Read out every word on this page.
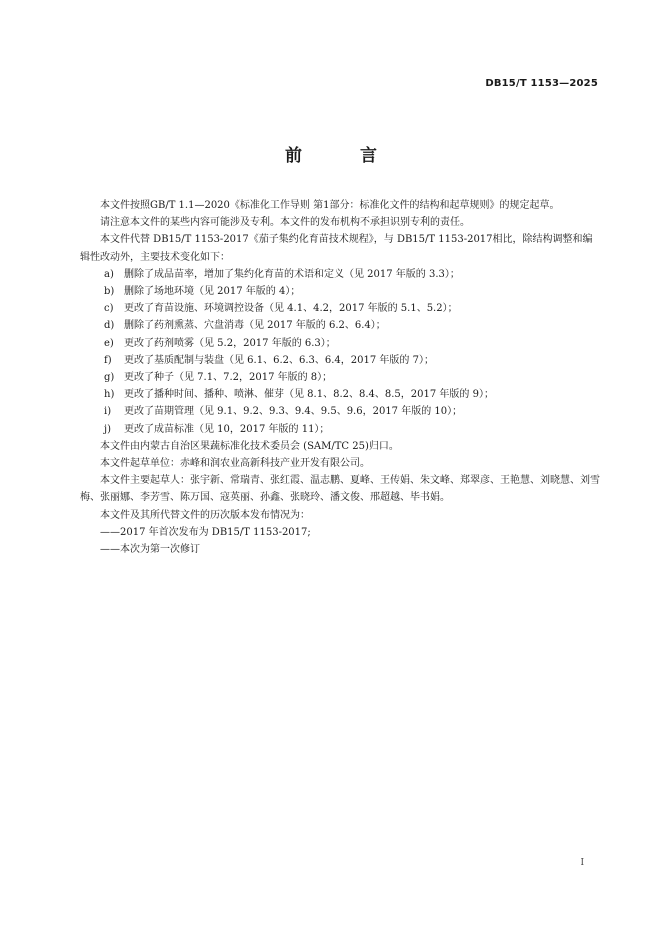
DB15/T 1153—2025
前 言

本文件按照GB/T 1.1—2020《标准化工作导则 第1部分：标准化文件的结构和起草规则》的规定起草。

请注意本文件的某些内容可能涉及专利。本文件的发布机构不承担识别专利的责任。

本文件代替 DB15/T 1153-2017《茄子集约化育苗技术规程》，与 DB15/T 1153-2017相比，除结构调整和编辑性改动外，主要技术变化如下：

a)	删除了成品苗率，增加了集约化育苗的术语和定义（见 2017 年版的 3.3）；
b) 删除了场地环境（见 2017 年版的 4）；
c)	更改了育苗设施、环境调控设备（见 4.1、4.2，2017 年版的 5.1、5.2）；
d) 删除了药剂熏蒸、穴盘消毒（见 2017 年版的 6.2、6.4）；
e)	更改了药剂喷雾（见 5.2，2017 年版的 6.3）；
f)	更改了基质配制与装盘（见 6.1、6.2、6.3、6.4，2017 年版的 7）；
g) 更改了种子（见 7.1、7.2，2017 年版的 8）；
h) 更改了播种时间、播种、喷淋、催芽（见 8.1、8.2、8.4、8.5，2017 年版的 9）；
i)	更改了苗期管理（见 9.1、9.2、9.3、9.4、9.5、9.6，2017 年版的 10）；
j)	更改了成苗标准（见 10，2017 年版的 11）；

本文件由内蒙古自治区果蔬标准化技术委员会 (SAM/TC 25)归口。

本文件起草单位：赤峰和润农业高新科技产业开发有限公司。

本文件主要起草人：张宇新、常瑞青、张红霞、温志鹏、夏峰、王传娟、朱文峰、郑翠彦、王艳慧、刘晓慧、刘雪梅、张丽娜、李芳雪、陈万国、寇英丽、孙鑫、张晓玲、潘文俊、邢超越、毕书娟。

本文件及其所代替文件的历次版本发布情况为：

——2017 年首次发布为 DB15/T 1153-2017;

——本次为第一次修订

I
